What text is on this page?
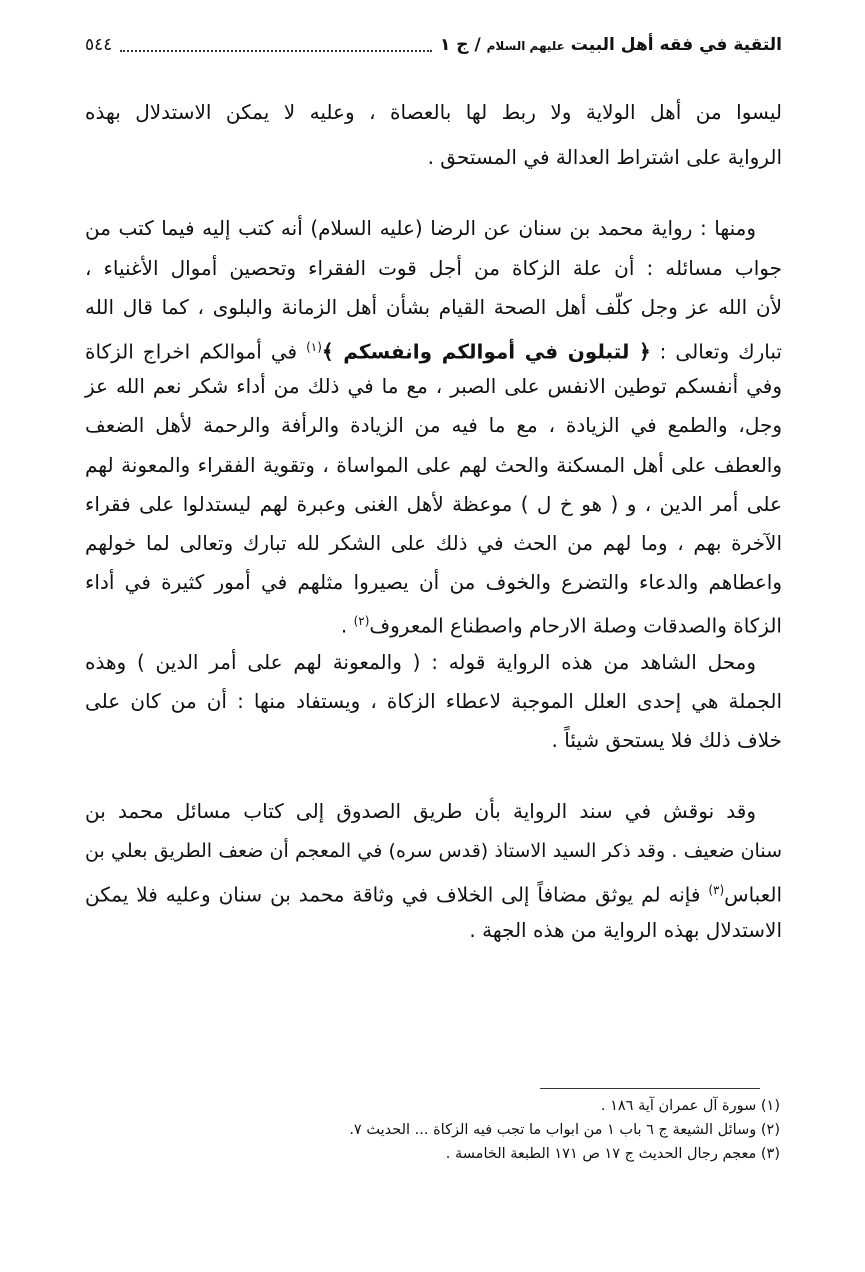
التقية في فقه أهل البيت عليهم السلام / ج ١
٥٤٤
ليسوا من أهل الولاية ولا ربط لها بالعصاة ، وعليه لا يمكن الاستدلال بهذه
الرواية على اشتراط العدالة في المستحق .
ومنها : رواية محمد بن سنان عن الرضا (عليه السلام) أنه كتب إليه فيما كتب من
جواب مسائله : أن علة الزكاة من أجل قوت الفقراء وتحصين أموال الأغنياء ،
لأن الله عز وجل كلّف أهل الصحة القيام بشأن أهل الزمانة والبلوى ، كما قال الله
تبارك وتعالى : ﴿ لتبلون في أموالكم وانفسكم ﴾$^{(١)}$ في أموالكم اخراج الزكاة
وفي أنفسكم توطين الانفس على الصبر ، مع ما في ذلك من أداء شكر نعم الله عز
وجل، والطمع في الزيادة ، مع ما فيه من الزيادة والرأفة والرحمة لأهل الضعف
والعطف على أهل المسكنة والحث لهم على المواساة ، وتقوية الفقراء والمعونة لهم
على أمر الدين ، و ( هو خ ل ) موعظة لأهل الغنى وعبرة لهم ليستدلوا على فقراء
الآخرة بهم ، وما لهم من الحث في ذلك على الشكر لله تبارك وتعالى لما خولهم
واعطاهم والدعاء والتضرع والخوف من أن يصيروا مثلهم في أمور كثيرة في أداء
الزكاة والصدقات وصلة الارحام واصطناع المعروف$^{(٢)}$ .
ومحل الشاهد من هذه الرواية قوله : ( والمعونة لهم على أمر الدين ) وهذه
الجملة هي إحدى العلل الموجبة لاعطاء الزكاة ، ويستفاد منها : أن من كان على
خلاف ذلك فلا يستحق شيئاً .
وقد نوقش في سند الرواية بأن طريق الصدوق إلى كتاب مسائل محمد بن
سنان ضعيف . وقد ذكر السيد الاستاذ (قدس سره) في المعجم أن ضعف الطريق بعلي بن
العباس$^{(٣)}$ فإنه لم يوثق مضافاً إلى الخلاف في وثاقة محمد بن سنان وعليه فلا يمكن
الاستدلال بهذه الرواية من هذه الجهة .
(١) سورة آل عمران آية ١٨٦ .
(٢) وسائل الشيعة ج ٦ باب ١ من ابواب ما تجب فيه الزكاة ... الحديث ٧.
(٣) معجم رجال الحديث ج ١٧ ص ١٧١ الطبعة الخامسة .
